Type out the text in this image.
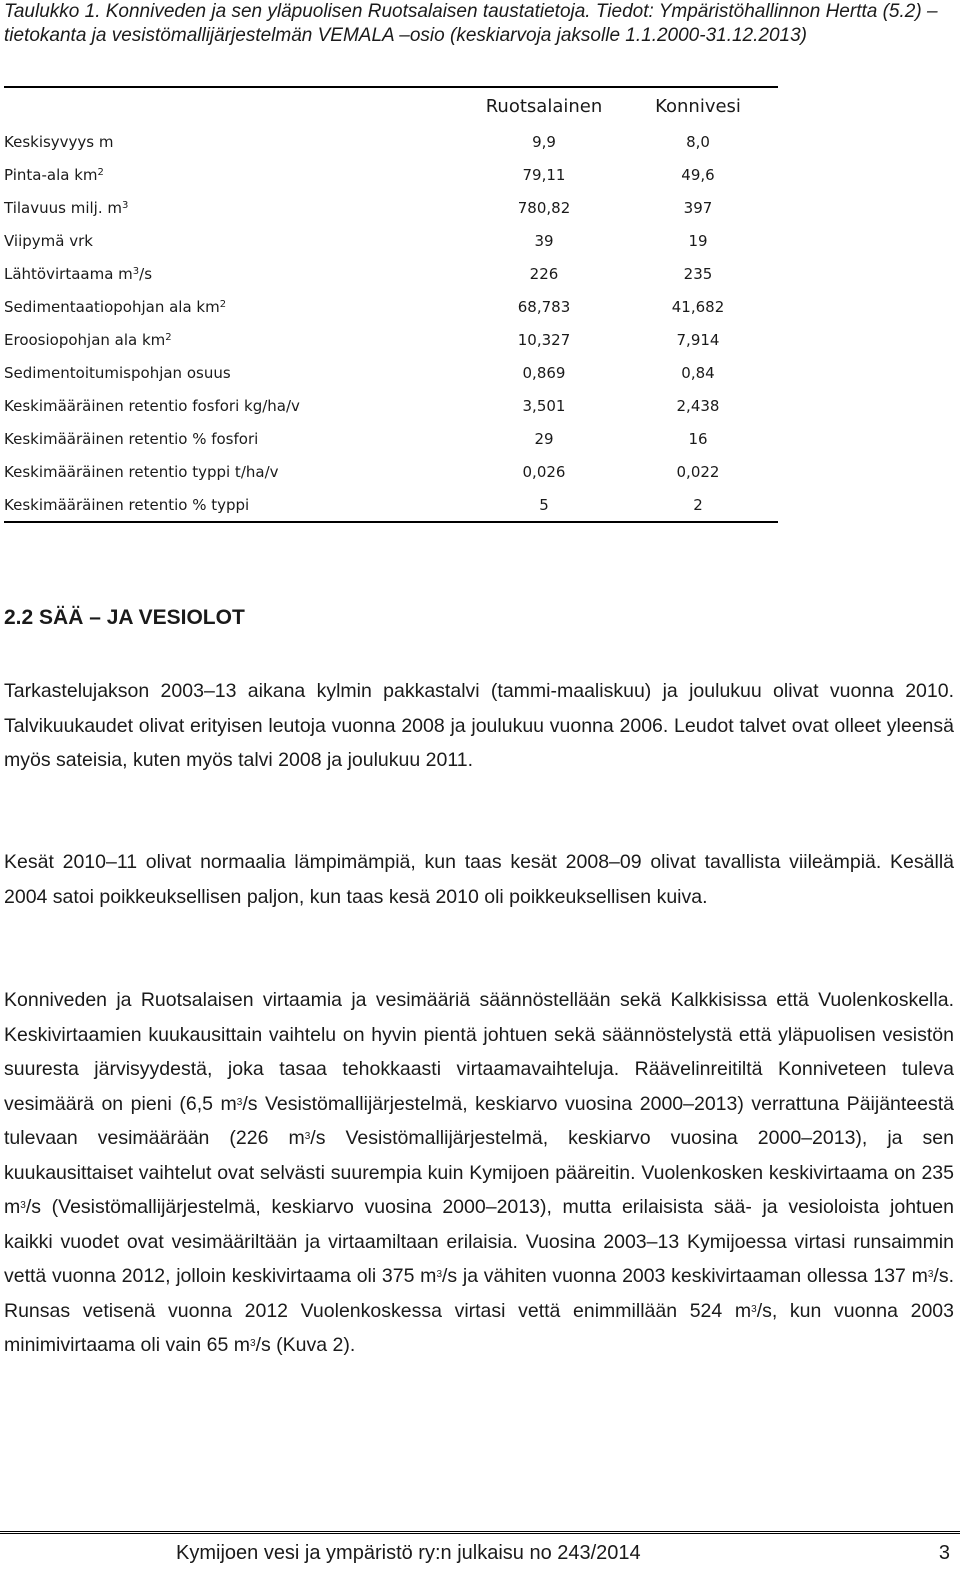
Taulukko 1. Konniveden ja sen yläpuolisen Ruotsalaisen taustatietoja. Tiedot: Ympäristöhallinnon Hertta (5.2) –tietokanta ja vesistömallijärjestelmän VEMALA –osio (keskiarvoja jaksolle 1.1.2000-31.12.2013)
	Ruotsalainen	Konnivesi
Keskisyvyys m	9,9	8,0
Pinta-ala $km^2$	79,11	49,6
Tilavuus milj. $m^3$	780,82	397
Viipymä vrk	39	19
Lähtövirtaama $m^3/s$	226	235
Sedimentaatiopohjan ala $km^2$	68,783	41,682
Eroosiopohjan ala $km^2$	10,327	7,914
Sedimentoitumispohjan osuus	0,869	0,84
Keskimääräinen retentio fosfori kg/ha/v	3,501	2,438
Keskimääräinen retentio % fosfori	29	16
Keskimääräinen retentio typpi t/ha/v	0,026	0,022
Keskimääräinen retentio % typpi	5	2
2.2 SÄÄ – JA VESIOLOT

Tarkastelujakson 2003–13 aikana kylmin pakkastalvi (tammi-maaliskuu) ja joulukuu olivat vuonna 2010. Talvikuukaudet olivat erityisen leutoja vuonna 2008 ja joulukuu vuonna 2006. Leudot talvet ovat olleet yleensä myös sateisia, kuten myös talvi 2008 ja joulukuu 2011.

Kesät 2010–11 olivat normaalia lämpimämpiä, kun taas kesät 2008–09 olivat tavallista viileämpiä. Kesällä 2004 satoi poikkeuksellisen paljon, kun taas kesä 2010 oli poikkeuksellisen kuiva.

Konniveden ja Ruotsalaisen virtaamia ja vesimääriä säännöstellään sekä Kalkkisissa että Vuolenkoskella. Keskivirtaamien kuukausittain vaihtelu on hyvin pientä johtuen sekä säännöstelystä että yläpuolisen vesistön suuresta järvisyydestä, joka tasaa tehokkaasti virtaamavaihteluja. Räävelinreitiltä Konniveteen tuleva vesimäärä on pieni (6,5 $m^3/s$ Vesistömallijärjestelmä, keskiarvo vuosina 2000–2013) verrattuna Päijänteestä tulevaan vesimäärään (226 $m^3/s$ Vesistömallijärjestelmä, keskiarvo vuosina 2000–2013), ja sen kuukausittaiset vaihtelut ovat selvästi suurempia kuin Kymijoen pääreitin. Vuolenkosken keskivirtaama on 235 $m^3/s$ (Vesistömallijärjestelmä, keskiarvo vuosina 2000–2013), mutta erilaisista sää- ja vesioloista johtuen kaikki vuodet ovat vesimääriltään ja virtaamiltaan erilaisia. Vuosina 2003–13 Kymijoessa virtasi runsaimmin vettä vuonna 2012, jolloin keskivirtaama oli 375 $m^3/s$ ja vähiten vuonna 2003 keskivirtaaman ollessa 137 $m^3/s$. Runsas vetisenä vuonna 2012 Vuolenkoskessa virtasi vettä enimmillään 524 $m^3/s$, kun vuonna 2003 minimivirtaama oli vain 65 $m^3/s$ (Kuva 2).

Kymijoen vesi ja ympäristö ry:n julkaisu no 243/2014	3
